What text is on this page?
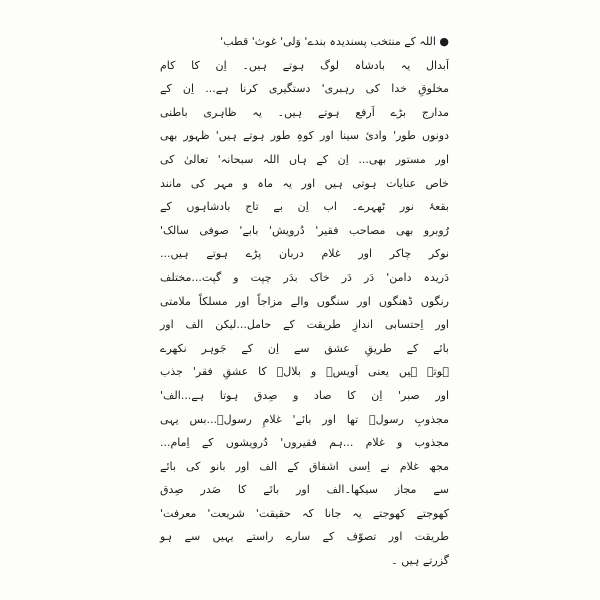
● اللہ کے منتخب پسندیدہ بندے' وَلی' غوث' قطب'
اَبدال یہ بادشاہ لوگ ہوتے ہیں۔ اِن کا کام
مخلوقِ خدا کی رہبری' دستگیری کرنا ہے... اِن کے
مدارج بڑے اَرفع ہوتے ہیں۔ یہ ظاہری باطنی
دونوں طور' وادیٔ سینا اور کوہِ طور ہوتے ہیں' ظہور بھی
اور مستور بھی... اِن کے ہاں اللہ سبحانہ' تعالیٰ کی
خاص عنایات ہوتی ہیں اور یہ ماہ و مہر کی مانند
بقعۂ نور ٹھہرے۔ اب اِن بے تاج بادشاہوں کے
رُوبرو بھی مصاحب فقیر' دُرویش' بابے' صوفی سالک'
نوکر چاکر اور غلام دربان پڑے ہوتے ہیں...
دَریدہ دامن' دَر دَر خاک بدَر چپت و گپت...مختلف
رنگوں ڈھنگوں اور سنگوں والے مزاجاً اور مسلکاً ملامتی
اور اِحتسابی اندازِ طریقت کے حامل...لیکن الف اور
بائے کے طریقِ عشق سے اِن کے جَوہر نکھرے
ہوتے ہیں یعنی اَویسؓ و بلالؓ کا عشقِ فقر' جذب
اور صبر' اِن کا صاد و صِدق ہوتا ہے...الف'
مجذوبِ رسولؐ تھا اور بائے' غلامِ رسولؐ...بس یہی
مجذوب و غلام ...ہم فقیروں' دُرویشوں کے اِمام...
مجھ غلام نے اِسی اشفاق کے الف اور بانو کی بائے
سے مجاز سیکھا۔الف اور بائے کا صَدر صِدق
کھوجتے کھوجتے یہ جانا کہ حقیقت' شریعت' معرفت'
طریقت اور تصوّف کے سارے راستے یہیں سے ہو
گزرتے ہیں ۔
